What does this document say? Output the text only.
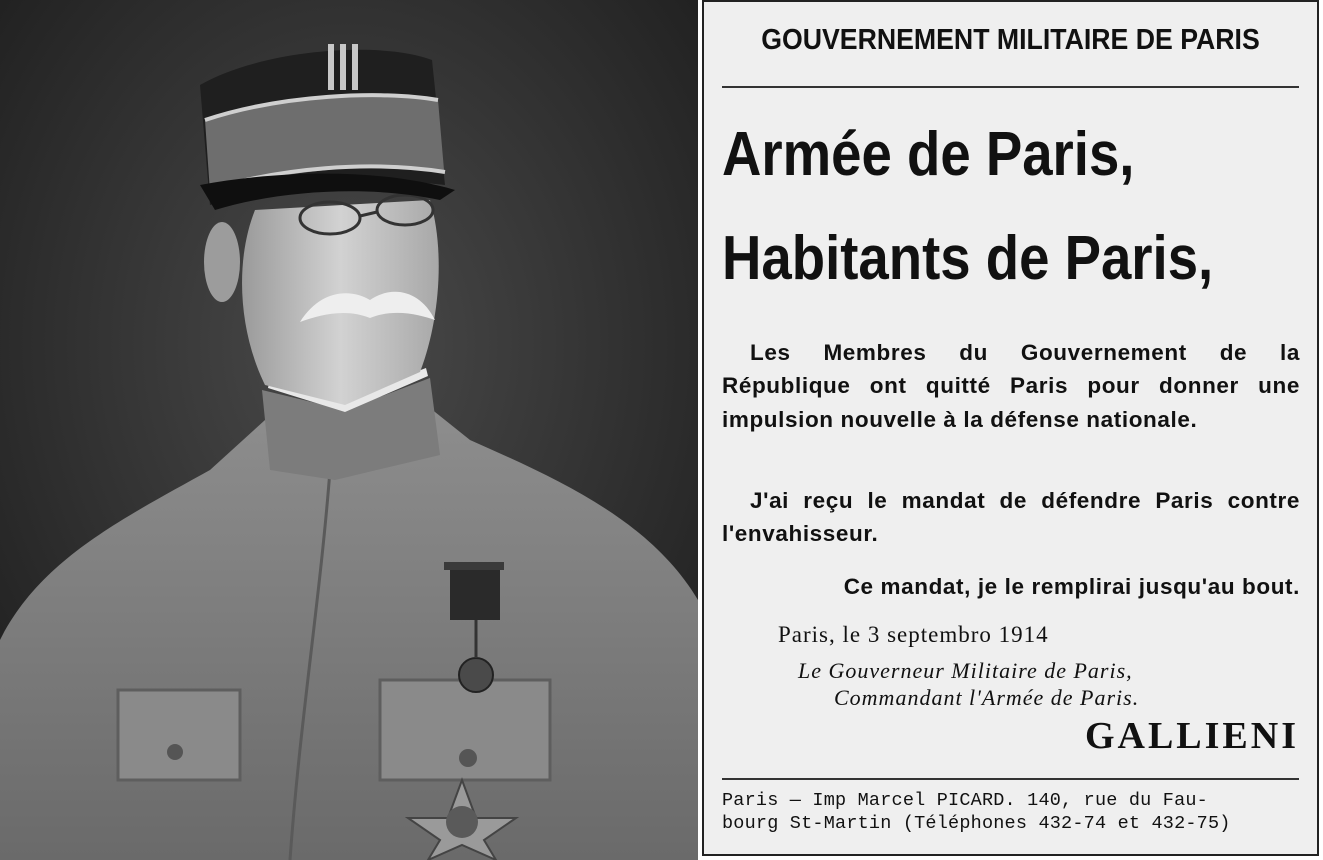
GOUVERNEMENT MILITAIRE DE PARIS
Armée de Paris,
Habitants de Paris,
Les Membres du Gouvernement de la République ont quitté Paris pour donner une impulsion nouvelle à la défense nationale.
J'ai reçu le mandat de défendre Paris contre l'envahisseur.
Ce mandat, je le remplirai jusqu'au bout.
Paris, le 3 septembro 1914
Le Gouverneur Militaire de Paris,
Commandant l'Armée de Paris.
GALLIENI
Paris — Imp Marcel PICARD. 140, rue du Fau-
bourg St-Martin (Téléphones 432-74 et 432-75)
